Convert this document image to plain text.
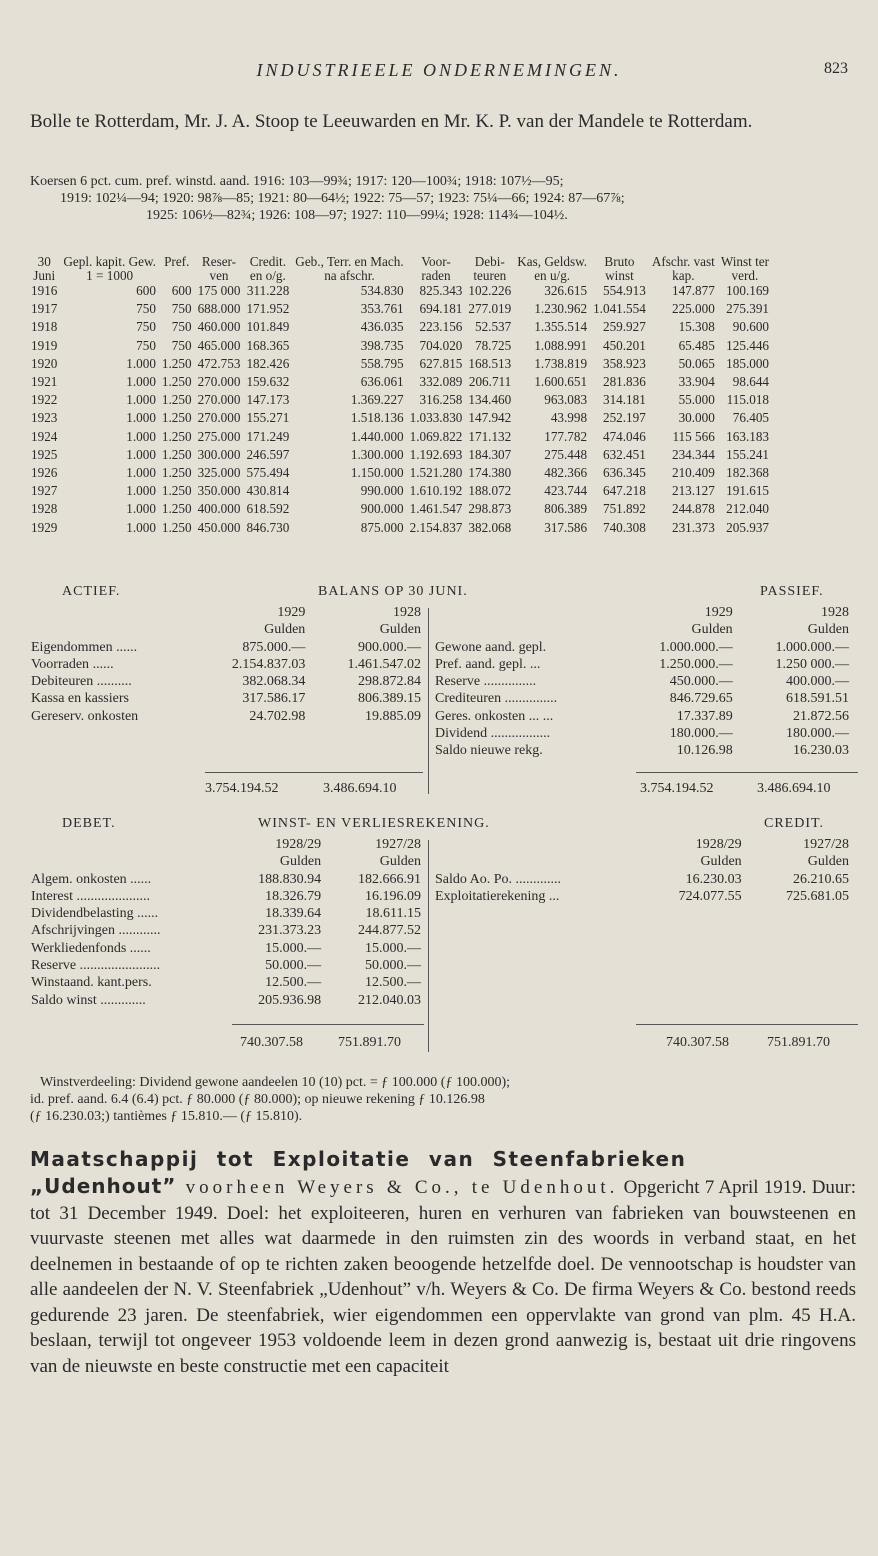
INDUSTRIEELE ONDERNEMINGEN.	823
Bolle te Rotterdam, Mr. J. A. Stoop te Leeuwarden en Mr. K. P. van der Mandele te Rotterdam.
Koersen 6 pct. cum. pref. winstd. aand. 1916: 103—99¾; 1917: 120—100¾; 1918: 107½—95;
1919: 102¼—94; 1920: 98⅞—85; 1921: 80—64½; 1922: 75—57; 1923: 75¼—66; 1924: 87—67⅞;
1925: 106½—82¾; 1926: 108—97; 1927: 110—99¼; 1928: 114¾—104½.
30	Gepl. kapit. Gew.	Pref.	Reser-	Credit.	Geb., Terr. en Mach.	Voor-	Debi-	Kas, Geldsw.	Bruto	Afschr. vast	Winst ter
Juni	1 = 1000		ven	en o/g.	na afschr.	raden	teuren	en u/g.	winst	kap.	verd.
1916	600	600	175 000	311.228	534.830	825.343	102.226	326.615	554.913	147.877	100.169
1917	750	750	688.000	171.952	353.761	694.181	277.019	1.230.962	1.041.554	225.000	275.391
1918	750	750	460.000	101.849	436.035	223.156	52.537	1.355.514	259.927	15.308	90.600
1919	750	750	465.000	168.365	398.735	704.020	78.725	1.088.991	450.201	65.485	125.446
1920	1.000	1.250	472.753	182.426	558.795	627.815	168.513	1.738.819	358.923	50.065	185.000
1921	1.000	1.250	270.000	159.632	636.061	332.089	206.711	1.600.651	281.836	33.904	98.644
1922	1.000	1.250	270.000	147.173	1.369.227	316.258	134.460	963.083	314.181	55.000	115.018
1923	1.000	1.250	270.000	155.271	1.518.136	1.033.830	147.942	43.998	252.197	30.000	76.405
1924	1.000	1.250	275.000	171.249	1.440.000	1.069.822	171.132	177.782	474.046	115 566	163.183
1925	1.000	1.250	300.000	246.597	1.300.000	1.192.693	184.307	275.448	632.451	234.344	155.241
1926	1.000	1.250	325.000	575.494	1.150.000	1.521.280	174.380	482.366	636.345	210.409	182.368
1927	1.000	1.250	350.000	430.814	990.000	1.610.192	188.072	423.744	647.218	213.127	191.615
1928	1.000	1.250	400.000	618.592	900.000	1.461.547	298.873	806.389	751.892	244.878	212.040
1929	1.000	1.250	450.000	846.730	875.000	2.154.837	382.068	317.586	740.308	231.373	205.937
ACTIEF.	BALANS OP 30 JUNI.	PASSIEF.
	1929	1928
	Gulden	Gulden
Eigendommen ......	875.000.—	900.000.—
Voorraden ......	2.154.837.03	1.461.547.02
Debiteuren ..........	382.068.34	298.872.84
Kassa en kassiers	317.586.17	806.389.15
Gereserv. onkosten	24.702.98	19.885.09
	1929	1928
	Gulden	Gulden
Gewone aand. gepl.	1.000.000.—	1.000.000.—
Pref. aand. gepl. ...	1.250.000.—	1.250 000.—
Reserve ...............	450.000.—	400.000.—
Crediteuren ...............	846.729.65	618.591.51
Geres. onkosten ... ...	17.337.89	21.872.56
Dividend .................	180.000.—	180.000.—
Saldo nieuwe rekg.	10.126.98	16.230.03
3.754.194.52	3.486.694.10	3.754.194.52	3.486.694.10
DEBET.	WINST- EN VERLIESREKENING.	CREDIT.
	1928/29	1927/28
	Gulden	Gulden
Algem. onkosten ......	188.830.94	182.666.91
Interest .....................	18.326.79	16.196.09
Dividendbelasting ......	18.339.64	18.611.15
Afschrijvingen ............	231.373.23	244.877.52
Werkliedenfonds ......	15.000.—	15.000.—
Reserve .......................	50.000.—	50.000.—
Winstaand. kant.pers.	12.500.—	12.500.—
Saldo winst .............	205.936.98	212.040.03
	1928/29	1927/28
	Gulden	Gulden
Saldo Ao. Po. .............	16.230.03	26.210.65
Exploitatierekening ...	724.077.55	725.681.05
740.307.58	751.891.70	740.307.58	751.891.70
Winstverdeeling: Dividend gewone aandeelen 10 (10) pct. = ƒ 100.000 (ƒ 100.000);
id. pref. aand. 6.4 (6.4) pct. ƒ 80.000 (ƒ 80.000); op nieuwe rekening ƒ 10.126.98
(ƒ 16.230.03;) tantièmes ƒ 15.810.— (ƒ 15.810).
Maatschappij tot Exploitatie van Steenfabrieken
„Udenhout” voorheen Weyers & Co., te Udenhout. Opgericht 7 April 1919. Duur: tot 31 December 1949. Doel: het exploiteeren, huren en verhuren van fabrieken van bouwsteenen en vuurvaste steenen met alles wat daarmede in den ruimsten zin des woords in verband staat, en het deelnemen in bestaande of op te richten zaken beoogende hetzelfde doel. De vennootschap is houdster van alle aandeelen der N. V. Steenfabriek „Udenhout” v/h. Weyers & Co. De firma Weyers & Co. bestond reeds gedurende 23 jaren. De steenfabriek, wier eigendommen een oppervlakte van grond van plm. 45 H.A. beslaan, terwijl tot ongeveer 1953 voldoende leem in dezen grond aanwezig is, bestaat uit drie ringovens van de nieuwste en beste constructie met een capaciteit
